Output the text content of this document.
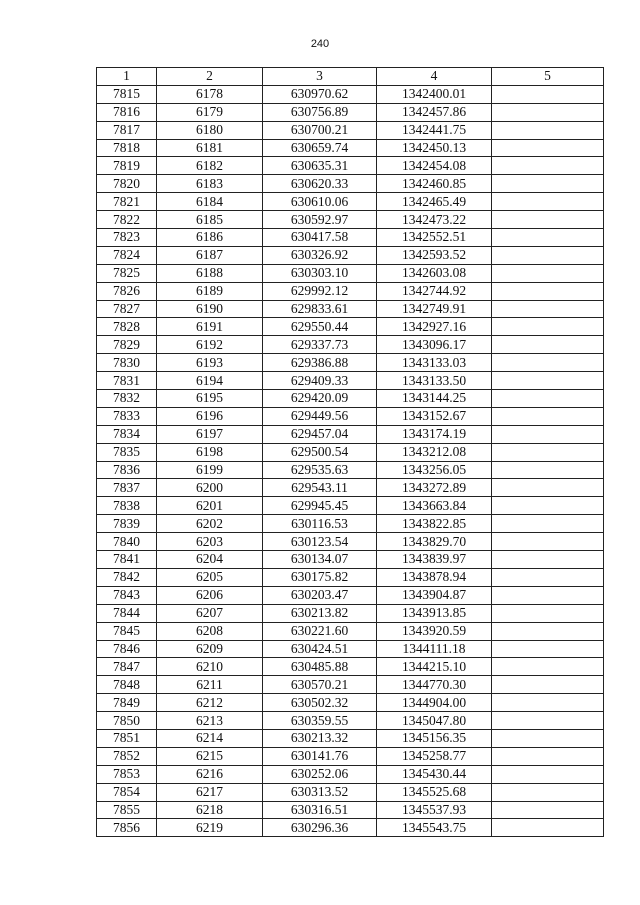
240
1	2	3	4	5
7815	6178	630970.62	1342400.01	
7816	6179	630756.89	1342457.86	
7817	6180	630700.21	1342441.75	
7818	6181	630659.74	1342450.13	
7819	6182	630635.31	1342454.08	
7820	6183	630620.33	1342460.85	
7821	6184	630610.06	1342465.49	
7822	6185	630592.97	1342473.22	
7823	6186	630417.58	1342552.51	
7824	6187	630326.92	1342593.52	
7825	6188	630303.10	1342603.08	
7826	6189	629992.12	1342744.92	
7827	6190	629833.61	1342749.91	
7828	6191	629550.44	1342927.16	
7829	6192	629337.73	1343096.17	
7830	6193	629386.88	1343133.03	
7831	6194	629409.33	1343133.50	
7832	6195	629420.09	1343144.25	
7833	6196	629449.56	1343152.67	
7834	6197	629457.04	1343174.19	
7835	6198	629500.54	1343212.08	
7836	6199	629535.63	1343256.05	
7837	6200	629543.11	1343272.89	
7838	6201	629945.45	1343663.84	
7839	6202	630116.53	1343822.85	
7840	6203	630123.54	1343829.70	
7841	6204	630134.07	1343839.97	
7842	6205	630175.82	1343878.94	
7843	6206	630203.47	1343904.87	
7844	6207	630213.82	1343913.85	
7845	6208	630221.60	1343920.59	
7846	6209	630424.51	1344111.18	
7847	6210	630485.88	1344215.10	
7848	6211	630570.21	1344770.30	
7849	6212	630502.32	1344904.00	
7850	6213	630359.55	1345047.80	
7851	6214	630213.32	1345156.35	
7852	6215	630141.76	1345258.77	
7853	6216	630252.06	1345430.44	
7854	6217	630313.52	1345525.68	
7855	6218	630316.51	1345537.93	
7856	6219	630296.36	1345543.75	
